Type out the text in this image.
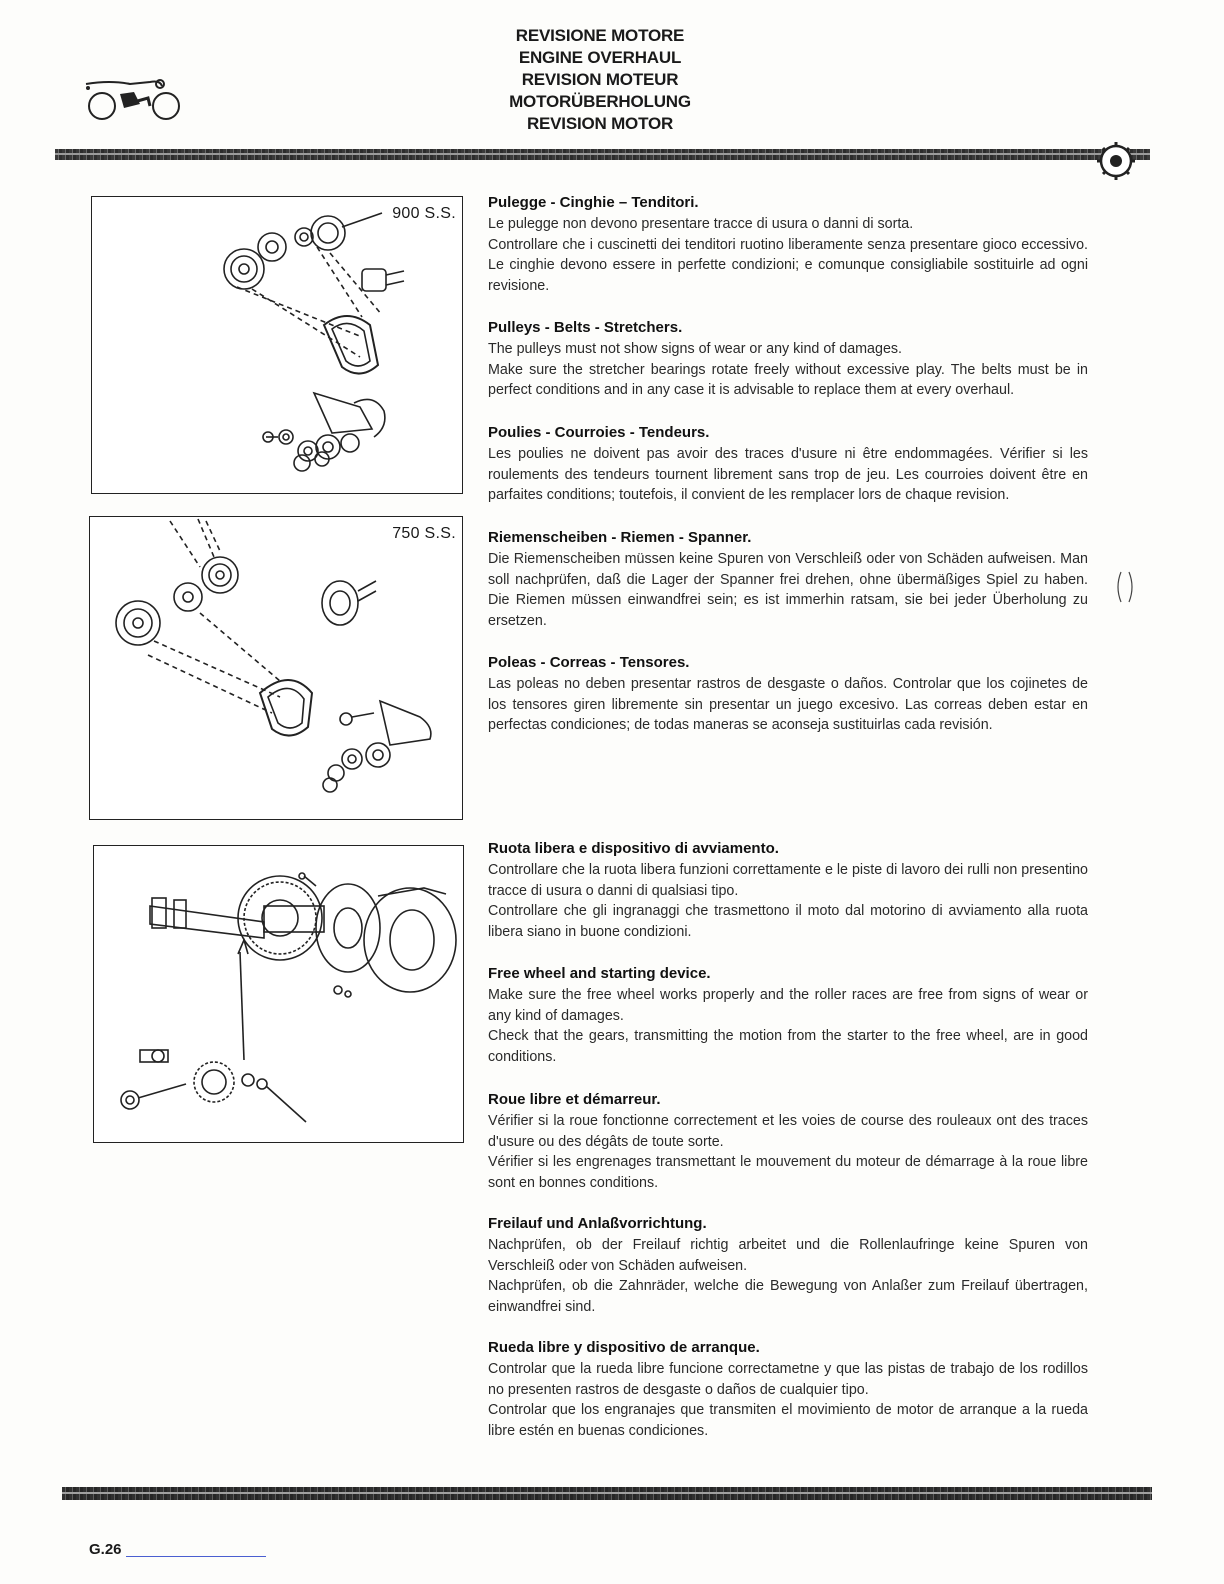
REVISIONE MOTORE
ENGINE OVERHAUL
REVISION MOTEUR
MOTORÜBERHOLUNG
REVISION MOTOR
900 S.S.
750 S.S.
Pulegge - Cinghie – Tenditori.

Le pulegge non devono presentare tracce di usura o danni di sorta.
Controllare che i cuscinetti dei tenditori ruotino liberamente senza presentare gioco eccessivo. Le cinghie devono essere in perfette condizioni; e comunque consigliabile sostituirle ad ogni revisione.

Pulleys - Belts - Stretchers.

The pulleys must not show signs of wear or any kind of damages.
Make sure the stretcher bearings rotate freely without excessive play. The belts must be in perfect conditions and in any case it is advisable to replace them at every overhaul.

Poulies - Courroies - Tendeurs.

Les poulies ne doivent pas avoir des traces d'usure ni être endommagées. Vérifier si les roulements des tendeurs tournent librement sans trop de jeu. Les courroies doivent être en parfaites conditions; toutefois, il convient de les remplacer lors de chaque revision.

Riemenscheiben - Riemen - Spanner.

Die Riemenscheiben müssen keine Spuren von Verschleiß oder von Schäden aufweisen. Man soll nachprüfen, daß die Lager der Spanner frei drehen, ohne übermäßiges Spiel zu haben. Die Riemen müssen einwandfrei sein; es ist immerhin ratsam, sie bei jeder Überholung zu ersetzen.

Poleas - Correas - Tensores.

Las poleas no deben presentar rastros de desgaste o daños. Controlar que los cojinetes de los tensores giren libremente sin presentar un juego excesivo. Las correas deben estar en perfectas condiciones; de todas maneras se aconseja sustituirlas cada revisión.

Ruota libera e dispositivo di avviamento.

Controllare che la ruota libera funzioni correttamente e le piste di lavoro dei rulli non presentino tracce di usura o danni di qualsiasi tipo.
Controllare che gli ingranaggi che trasmettono il moto dal motorino di avviamento alla ruota libera siano in buone condizioni.

Free wheel and starting device.

Make sure the free wheel works properly and the roller races are free from signs of wear or any kind of damages.
Check that the gears, transmitting the motion from the starter to the free wheel, are in good conditions.

Roue libre et démarreur.

Vérifier si la roue fonctionne correctement et les voies de course des rouleaux ont des traces d'usure ou des dégâts de toute sorte.
Vérifier si les engrenages transmettant le mouvement du moteur de démarrage à la roue libre sont en bonnes conditions.

Freilauf und Anlaßvorrichtung.

Nachprüfen, ob der Freilauf richtig arbeitet und die Rollenlaufringe keine Spuren von Verschleiß oder von Schäden aufweisen.
Nachprüfen, ob die Zahnräder, welche die Bewegung von Anlaßer zum Freilauf übertragen, einwandfrei sind.

Rueda libre y dispositivo de arranque.

Controlar que la rueda libre funcione correctametne y que las pistas de trabajo de los rodillos no presenten rastros de desgaste o daños de cualquier tipo.
Controlar que los engranajes que transmiten el movimiento de motor de arranque a la rueda libre estén en buenas condiciones.

G.26
